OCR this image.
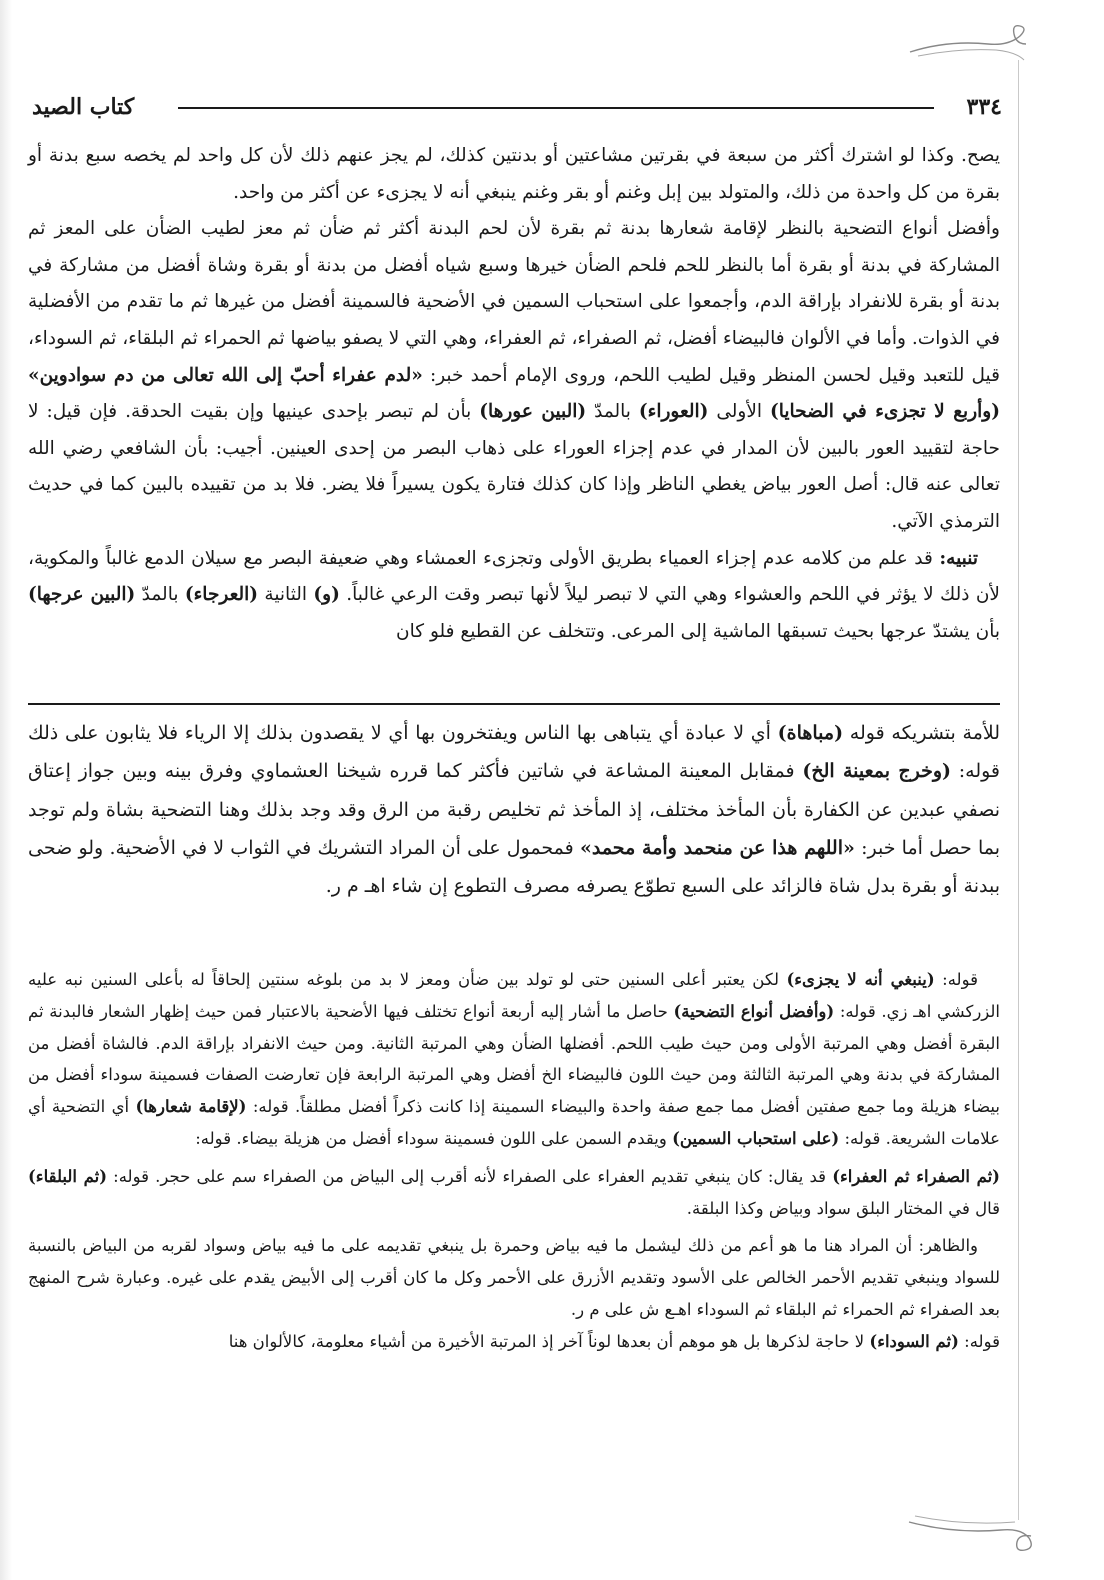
٣٣٤
كتاب الصيد

يصح. وكذا لو اشترك أكثر من سبعة في بقرتين مشاعتين أو بدنتين كذلك، لم يجز عنهم ذلك لأن كل واحد لم يخصه سبع بدنة أو بقرة من كل واحدة من ذلك، والمتولد بين إبل وغنم أو بقر وغنم ينبغي أنه لا يجزىء عن أكثر من واحد.

وأفضل أنواع التضحية بالنظر لإقامة شعارها بدنة ثم بقرة لأن لحم البدنة أكثر ثم ضأن ثم معز لطيب الضأن على المعز ثم المشاركة في بدنة أو بقرة أما بالنظر للحم فلحم الضأن خيرها وسبع شياه أفضل من بدنة أو بقرة وشاة أفضل من مشاركة في بدنة أو بقرة للانفراد بإراقة الدم، وأجمعوا على استحباب السمين في الأضحية فالسمينة أفضل من غيرها ثم ما تقدم من الأفضلية في الذوات. وأما في الألوان فالبيضاء أفضل، ثم الصفراء، ثم العفراء، وهي التي لا يصفو بياضها ثم الحمراء ثم البلقاء، ثم السوداء، قيل للتعبد وقيل لحسن المنظر وقيل لطيب اللحم، وروى الإمام أحمد خبر: «لدم عفراء أحبّ إلى الله تعالى من دم سوادوين» (وأربع لا تجزىء في الضحايا) الأولى (العوراء) بالمدّ (البين عورها) بأن لم تبصر بإحدى عينيها وإن بقيت الحدقة. فإن قيل: لا حاجة لتقييد العور بالبين لأن المدار في عدم إجزاء العوراء على ذهاب البصر من إحدى العينين. أجيب: بأن الشافعي رضي الله تعالى عنه قال: أصل العور بياض يغطي الناظر وإذا كان كذلك فتارة يكون يسيراً فلا يضر. فلا بد من تقييده بالبين كما في حديث الترمذي الآتي.

تنبيه: قد علم من كلامه عدم إجزاء العمياء بطريق الأولى وتجزىء العمشاء وهي ضعيفة البصر مع سيلان الدمع غالباً والمكوية، لأن ذلك لا يؤثر في اللحم والعشواء وهي التي لا تبصر ليلاً لأنها تبصر وقت الرعي غالباً. (و) الثانية (العرجاء) بالمدّ (البين عرجها) بأن يشتدّ عرجها بحيث تسبقها الماشية إلى المرعى. وتتخلف عن القطيع فلو كان

للأمة بتشريكه قوله (مباهاة) أي لا عبادة أي يتباهى بها الناس ويفتخرون بها أي لا يقصدون بذلك إلا الرياء فلا يثابون على ذلك قوله: (وخرج بمعينة الخ) فمقابل المعينة المشاعة في شاتين فأكثر كما قرره شيخنا العشماوي وفرق بينه وبين جواز إعتاق نصفي عبدين عن الكفارة بأن المأخذ مختلف، إذ المأخذ ثم تخليص رقبة من الرق وقد وجد بذلك وهنا التضحية بشاة ولم توجد بما حصل أما خبر: «اللهم هذا عن منحمد وأمة محمد» فمحمول على أن المراد التشريك في الثواب لا في الأضحية. ولو ضحى ببدنة أو بقرة بدل شاة فالزائد على السبع تطوّع يصرفه مصرف التطوع إن شاء اهـ م ر.

قوله: (ينبغي أنه لا يجزىء) لكن يعتبر أعلى السنين حتى لو تولد بين ضأن ومعز لا بد من بلوغه سنتين إلحاقاً له بأعلى السنين نبه عليه الزركشي اهـ زي. قوله: (وأفضل أنواع التضحية) حاصل ما أشار إليه أربعة أنواع تختلف فيها الأضحية بالاعتبار فمن حيث إظهار الشعار فالبدنة ثم البقرة أفضل وهي المرتبة الأولى ومن حيث طيب اللحم. أفضلها الضأن وهي المرتبة الثانية. ومن حيث الانفراد بإراقة الدم. فالشاة أفضل من المشاركة في بدنة وهي المرتبة الثالثة ومن حيث اللون فالبيضاء الخ أفضل وهي المرتبة الرابعة فإن تعارضت الصفات فسمينة سوداء أفضل من بيضاء هزيلة وما جمع صفتين أفضل مما جمع صفة واحدة والبيضاء السمينة إذا كانت ذكراً أفضل مطلقاً. قوله: (لإقامة شعارها) أي التضحية أي علامات الشريعة. قوله: (على استحباب السمين) ويقدم السمن على اللون فسمينة سوداء أفضل من هزيلة بيضاء. قوله:

(ثم الصفراء ثم العفراء) قد يقال: كان ينبغي تقديم العفراء على الصفراء لأنه أقرب إلى البياض من الصفراء سم على حجر. قوله: (ثم البلقاء) قال في المختار البلق سواد وبياض وكذا البلقة.

والظاهر: أن المراد هنا ما هو أعم من ذلك ليشمل ما فيه بياض وحمرة بل ينبغي تقديمه على ما فيه بياض وسواد لقربه من البياض بالنسبة للسواد وينبغي تقديم الأحمر الخالص على الأسود وتقديم الأزرق على الأحمر وكل ما كان أقرب إلى الأبيض يقدم على غيره. وعبارة شرح المنهج بعد الصفراء ثم الحمراء ثم البلقاء ثم السوداء اهـع ش على م ر.

قوله: (ثم السوداء) لا حاجة لذكرها بل هو موهم أن بعدها لوناً آخر إذ المرتبة الأخيرة من أشياء معلومة، كالألوان هنا
